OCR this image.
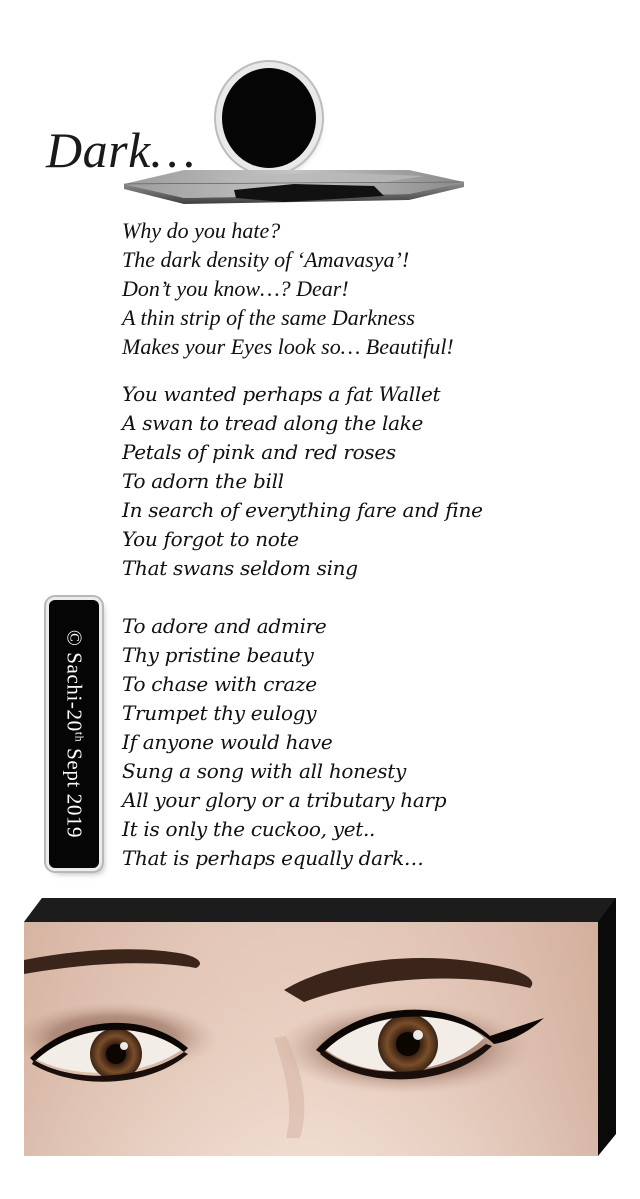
Dark…
Why do you hate?
The dark density of ‘Amavasya’!
Don’t you know…? Dear!
A thin strip of the same Darkness
Makes your Eyes look so… Beautiful!
You wanted perhaps a fat Wallet
A swan to tread along the lake
Petals of pink and red roses
To adorn the bill
In search of everything fare and fine
You forgot to note
That swans seldom sing
© Sachi-20th Sept 2019
To adore and admire
Thy pristine beauty
To chase with craze
Trumpet thy eulogy
If anyone would have
Sung a song with all honesty
All your glory or a tributary harp
It is only the cuckoo, yet..
That is perhaps equally dark…
